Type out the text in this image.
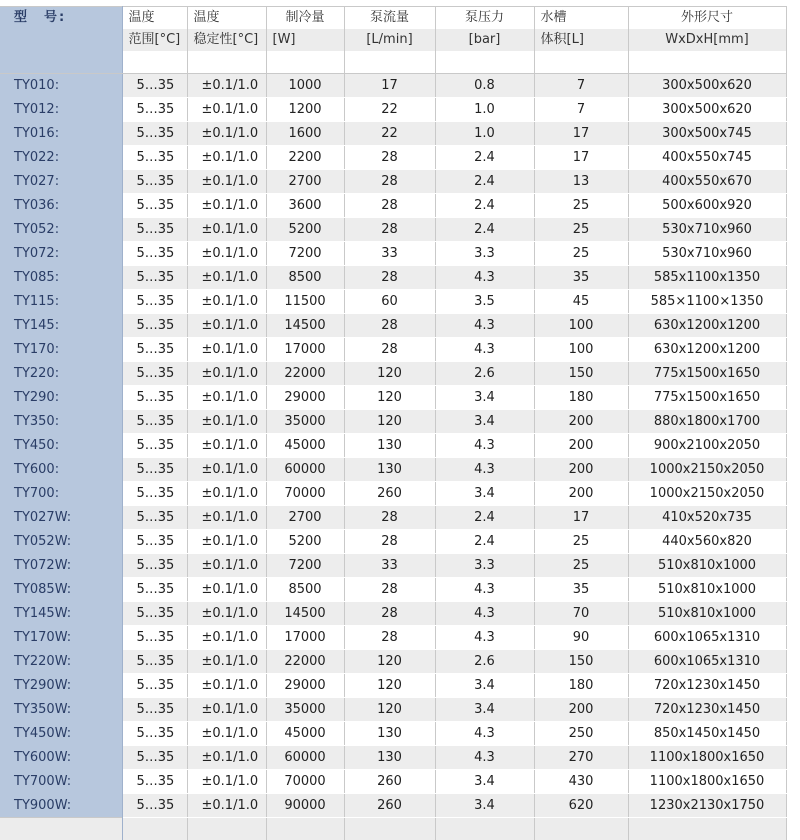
型　号:	温度	温度	制冷量	泵流量	泵压力	水槽	外形尺寸
	范围[°C]	稳定性[°C]	[W]	[L/min]	[bar]	体积[L]	WxDxH[mm]

TY010:	5…35	±0.1/1.0	1000	17	0.8	7	300x500x620
TY012:	5…35	±0.1/1.0	1200	22	1.0	7	300x500x620
TY016:	5…35	±0.1/1.0	1600	22	1.0	17	300x500x745
TY022:	5…35	±0.1/1.0	2200	28	2.4	17	400x550x745
TY027:	5…35	±0.1/1.0	2700	28	2.4	13	400x550x670
TY036:	5…35	±0.1/1.0	3600	28	2.4	25	500x600x920
TY052:	5…35	±0.1/1.0	5200	28	2.4	25	530x710x960
TY072:	5…35	±0.1/1.0	7200	33	3.3	25	530x710x960
TY085:	5…35	±0.1/1.0	8500	28	4.3	35	585x1100x1350
TY115:	5…35	±0.1/1.0	11500	60	3.5	45	585×1100×1350
TY145:	5…35	±0.1/1.0	14500	28	4.3	100	630x1200x1200
TY170:	5…35	±0.1/1.0	17000	28	4.3	100	630x1200x1200
TY220:	5…35	±0.1/1.0	22000	120	2.6	150	775x1500x1650
TY290:	5…35	±0.1/1.0	29000	120	3.4	180	775x1500x1650
TY350:	5…35	±0.1/1.0	35000	120	3.4	200	880x1800x1700
TY450:	5…35	±0.1/1.0	45000	130	4.3	200	900x2100x2050
TY600:	5…35	±0.1/1.0	60000	130	4.3	200	1000x2150x2050
TY700:	5…35	±0.1/1.0	70000	260	3.4	200	1000x2150x2050
TY027W:	5…35	±0.1/1.0	2700	28	2.4	17	410x520x735
TY052W:	5…35	±0.1/1.0	5200	28	2.4	25	440x560x820
TY072W:	5…35	±0.1/1.0	7200	33	3.3	25	510x810x1000
TY085W:	5…35	±0.1/1.0	8500	28	4.3	35	510x810x1000
TY145W:	5…35	±0.1/1.0	14500	28	4.3	70	510x810x1000
TY170W:	5…35	±0.1/1.0	17000	28	4.3	90	600x1065x1310
TY220W:	5…35	±0.1/1.0	22000	120	2.6	150	600x1065x1310
TY290W:	5…35	±0.1/1.0	29000	120	3.4	180	720x1230x1450
TY350W:	5…35	±0.1/1.0	35000	120	3.4	200	720x1230x1450
TY450W:	5…35	±0.1/1.0	45000	130	4.3	250	850x1450x1450
TY600W:	5…35	±0.1/1.0	60000	130	4.3	270	1100x1800x1650
TY700W:	5…35	±0.1/1.0	70000	260	3.4	430	1100x1800x1650
TY900W:	5…35	±0.1/1.0	90000	260	3.4	620	1230x2130x1750
